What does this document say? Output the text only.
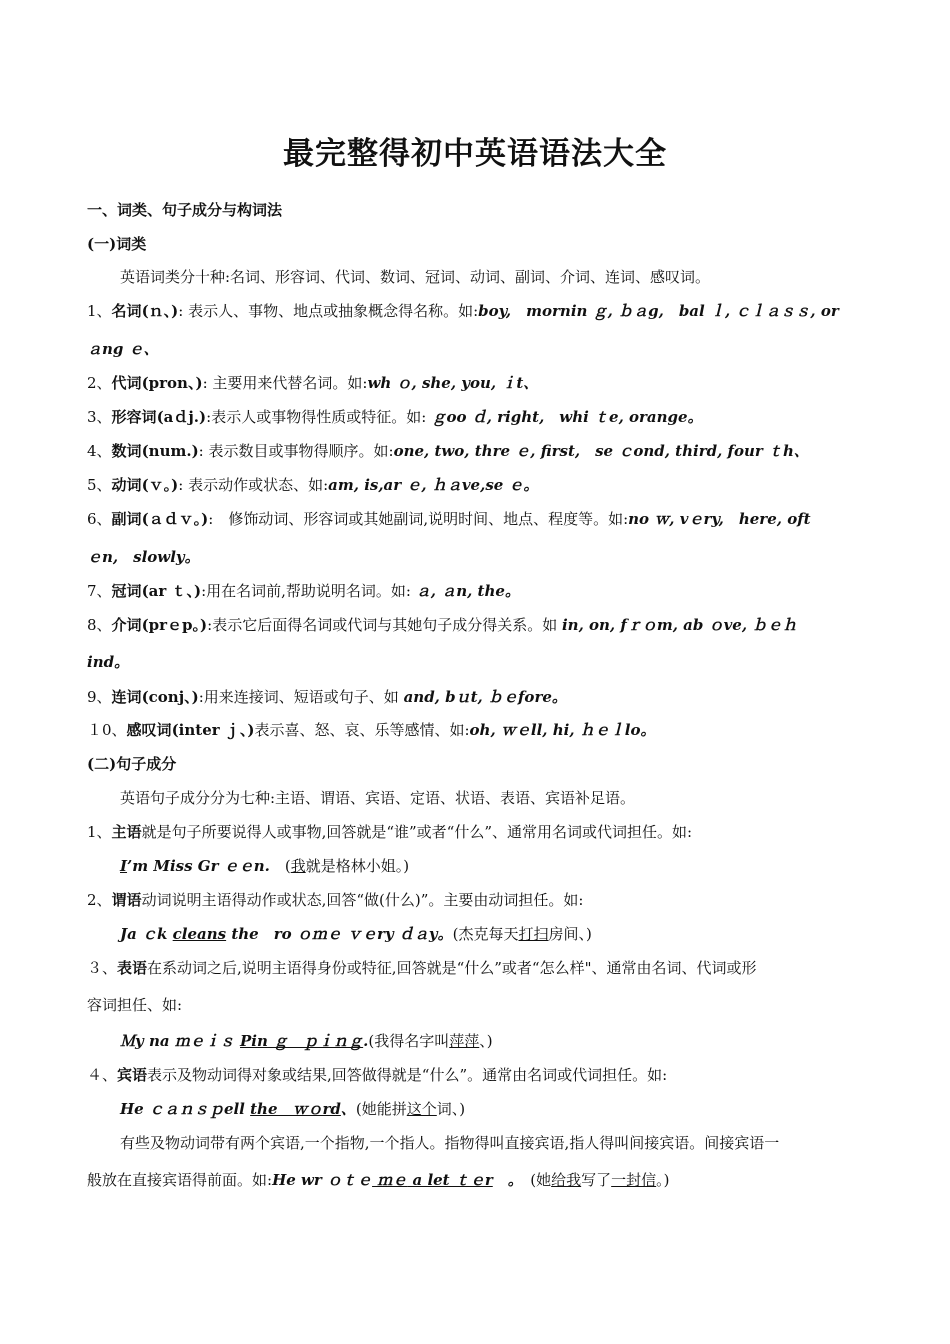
最完整得初中英语语法大全
一、词类、句子成分与构词法
(一)词类
英语词类分十种:名词、形容词、代词、数词、冠词、动词、副词、介词、连词、感叹词。
1、名词(ｎ、): 表示人、事物、地点或抽象概念得名称。如:boy,　mornin ｇ, ｂａg,　bal ｌ, ｃｌａｓｓ, or
ａng ｅ、
2、代词(pron、): 主要用来代替名词。如:wh ｏ, she, you, ｉt、
3、形容词(aｄj.):表示人或事物得性质或特征。如: ｇoo ｄ, right,　whi ｔe, orange。
4、数词(num.): 表示数目或事物得顺序。如:one, two, thre ｅ, first,　se ｃond, third, four ｔh、
5、动词(ｖ。): 表示动作或状态、如:am, is,ar ｅ, ｈａve,se ｅ。
6、副词(ａｄｖ。):　修饰动词、形容词或其她副词,说明时间、地点、程度等。如:no ｗ, vｅry,　here, oft
ｅn,　slowly。
7、冠词(ar ｔ、):用在名词前,帮助说明名词。如: ａ, ａn, the。
8、介词(prｅp。):表示它后面得名词或代词与其她句子成分得关系。如 in, on, fｒｏm, ab ｏve, ｂｅｈ
ind。
9、连词(conj、):用来连接词、短语或句子、如 and, bｕt, ｂｅfore。
１0、感叹词(inter ｊ、)表示喜、怒、哀、乐等感情、如:oh, ｗｅll, hi, ｈｅｌlo。
(二)句子成分
英语句子成分分为七种:主语、谓语、宾语、定语、状语、表语、宾语补足语。
1、主语就是句子所要说得人或事物,回答就是“谁”或者“什么”、通常用名词或代词担任。如:
I’m Miss Gr ｅｅn.　(我就是格林小姐。)
2、谓语动词说明主语得动作或状态,回答“做(什么)”。主要由动词担任。如:
Ja ｃk cleans the　ro ｏｍｅ ｖｅry ｄａy。(杰克每天打扫房间、)
３、表语在系动词之后,说明主语得身份或特征,回答就是“什么”或者“怎么样"、通常由名词、代词或形
容词担任、如:
Ｍy na ｍｅｉｓ Pin ｇ　ｐｉｎｇ.(我得名字叫萍萍、)
４、宾语表示及物动词得对象或结果,回答做得就是“什么”。通常由名词或代词担任。如:
He ｃａｎｓｐell the　ｗｏrd、(她能拼这个词、)
有些及物动词带有两个宾语,一个指物,一个指人。指物得叫直接宾语,指人得叫间接宾语。间接宾语一
般放在直接宾语得前面。如:He wr ｏｔｅ ｍｅ a let ｔｅr　。　(她给我写了一封信。)
